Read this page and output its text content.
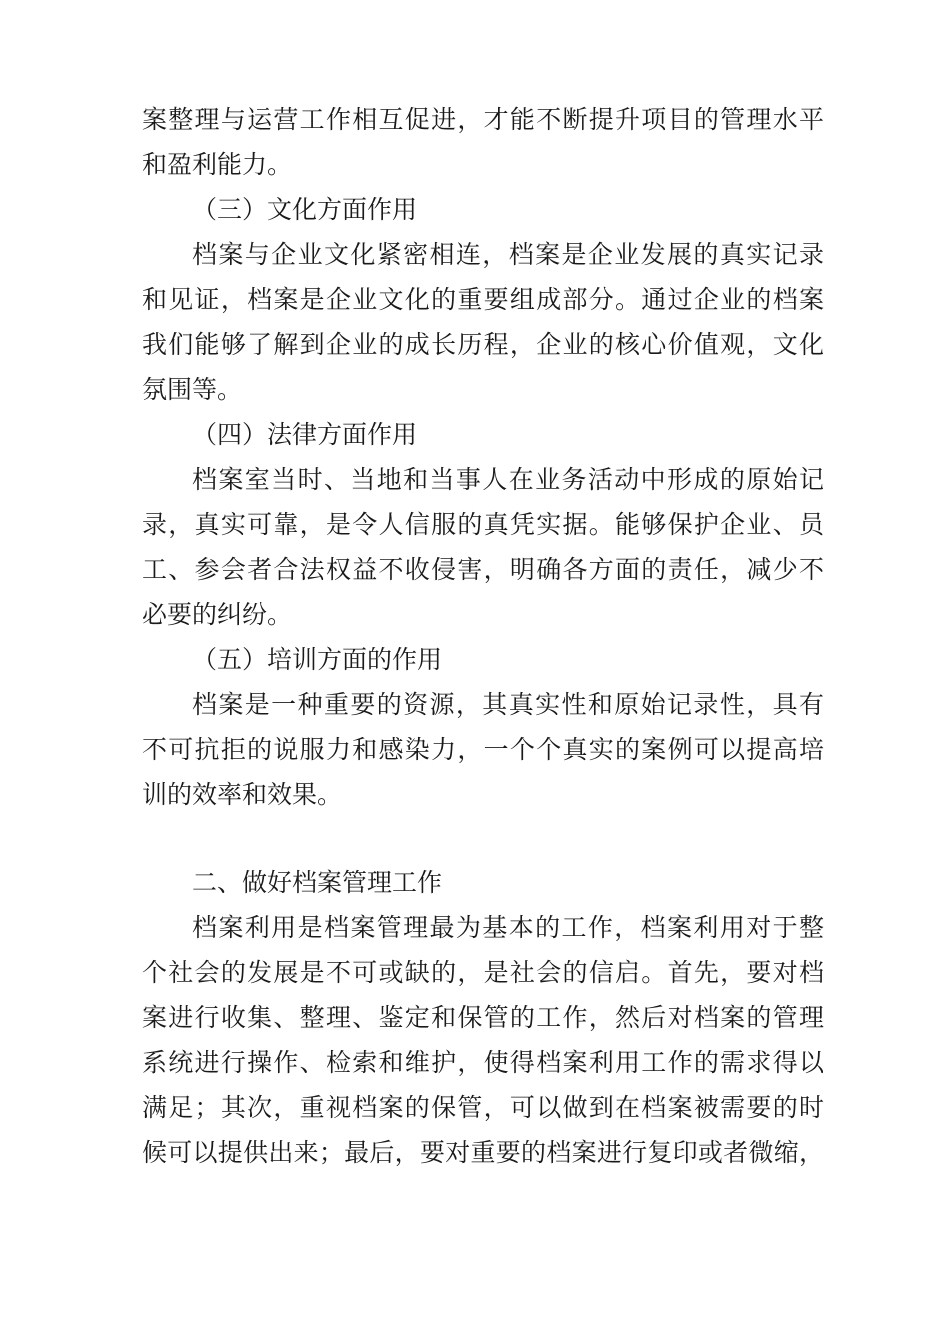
案整理与运营工作相互促进，才能不断提升项目的管理水平

和盈利能力。

（三）文化方面作用

档案与企业文化紧密相连，档案是企业发展的真实记录

和见证，档案是企业文化的重要组成部分。通过企业的档案

我们能够了解到企业的成长历程，企业的核心价值观，文化

氛围等。

（四）法律方面作用

档案室当时、当地和当事人在业务活动中形成的原始记

录，真实可靠，是令人信服的真凭实据。能够保护企业、员

工、参会者合法权益不收侵害，明确各方面的责任，减少不

必要的纠纷。

（五）培训方面的作用

档案是一种重要的资源，其真实性和原始记录性，具有

不可抗拒的说服力和感染力，一个个真实的案例可以提高培

训的效率和效果。

二、做好档案管理工作

档案利用是档案管理最为基本的工作，档案利用对于整

个社会的发展是不可或缺的，是社会的信启。首先，要对档

案进行收集、整理、鉴定和保管的工作，然后对档案的管理

系统进行操作、检索和维护，使得档案利用工作的需求得以

满足；其次，重视档案的保管，可以做到在档案被需要的时

候可以提供出来；最后，要对重要的档案进行复印或者微缩，
